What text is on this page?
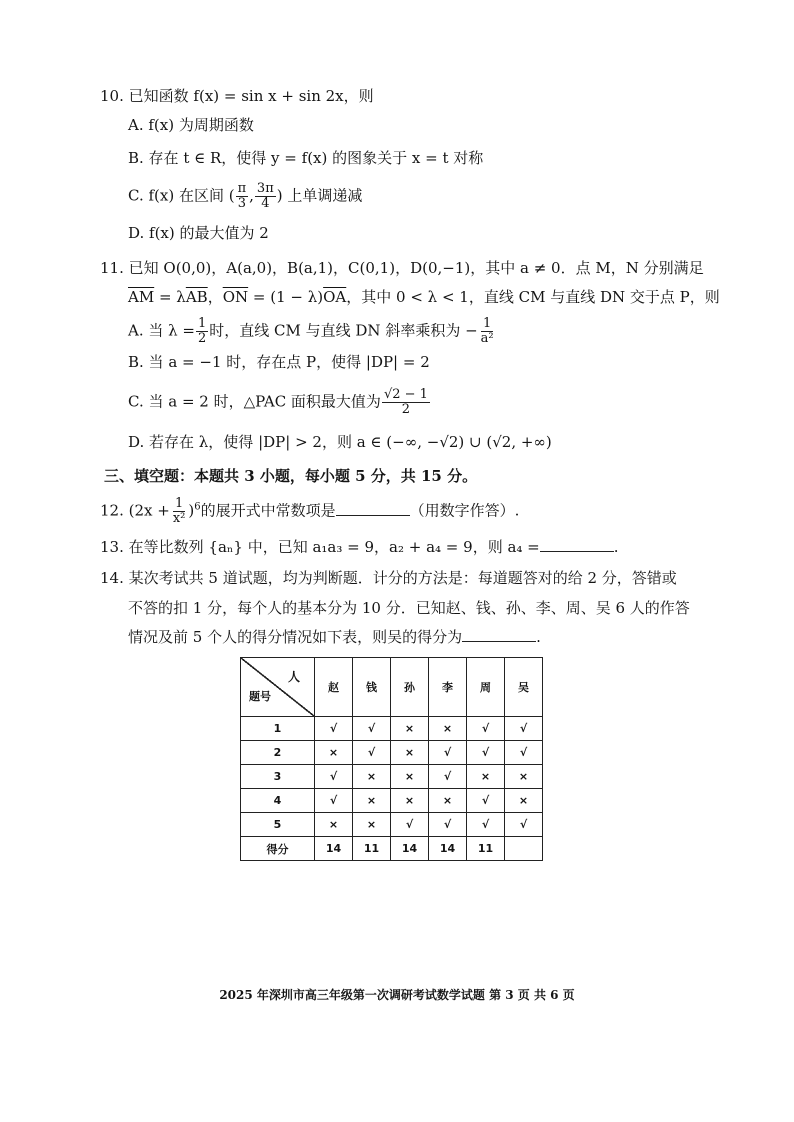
10. 已知函数 f(x) = sin x + sin 2x，则
A. f(x) 为周期函数
B. 存在 t ∈ R，使得 y = f(x) 的图象关于 x = t 对称
C. f(x) 在区间 ( $\frac{\pi}{3}$ , $\frac{3\pi}{4}$ ) 上单调递减
D. f(x) 的最大值为 2
11. 已知 O(0,0)，A(a,0)，B(a,1)，C(0,1)，D(0,−1)，其中 a ≠ 0．点 M，N 分别满足
$\overline{AM} = \lambda\overline{AB}$，$\overline{ON} = (1 - \lambda)\overline{OA}$，其中 0 < λ < 1，直线 CM 与直线 DN 交于点 P，则
A. 当 $\lambda = \frac{1}{2}$ 时，直线 CM 与直线 DN 斜率乘积为 − $\frac{1}{\text{a²}}$
B. 当 a = −1 时，存在点 P，使得 |DP| = 2
C. 当 a = 2 时，△PAC 面积最大值为 $\frac{√2 - 1}{2}$
D. 若存在 λ，使得 |DP| > 2，则 a ∈ (−∞, −√2) ∪ (√2, +∞)
三、填空题：本题共 3 小题，每小题 5 分，共 15 分。
12. $(2x + \frac{1}{\text{x²}} )^6$的展开式中常数项是	（用数字作答）.
13. 在等比数列 {aₙ} 中，已知 a₁a₃ = 9，a₂ + a₄ = 9，则 a₄ =	.
14. 某次考试共 5 道试题，均为判断题．计分的方法是：每道题答对的给 2 分，答错或
不答的扣 1 分，每个人的基本分为 10 分．已知赵、钱、孙、李、周、吴 6 人的作答
情况及前 5 个人的得分情况如下表，则吴的得分为	.
人
题号	赵	钱	孙	李	周	吴
1	√	√	×	×	√	√
2	×	√	×	√	√	√
3	√	×	×	√	×	×
4	√	×	×	×	√	×
5	×	×	√	√	√	√
得分	14	11	14	14	11	
2025 年深圳市高三年级第一次调研考试数学试题 第 3 页 共 6 页
